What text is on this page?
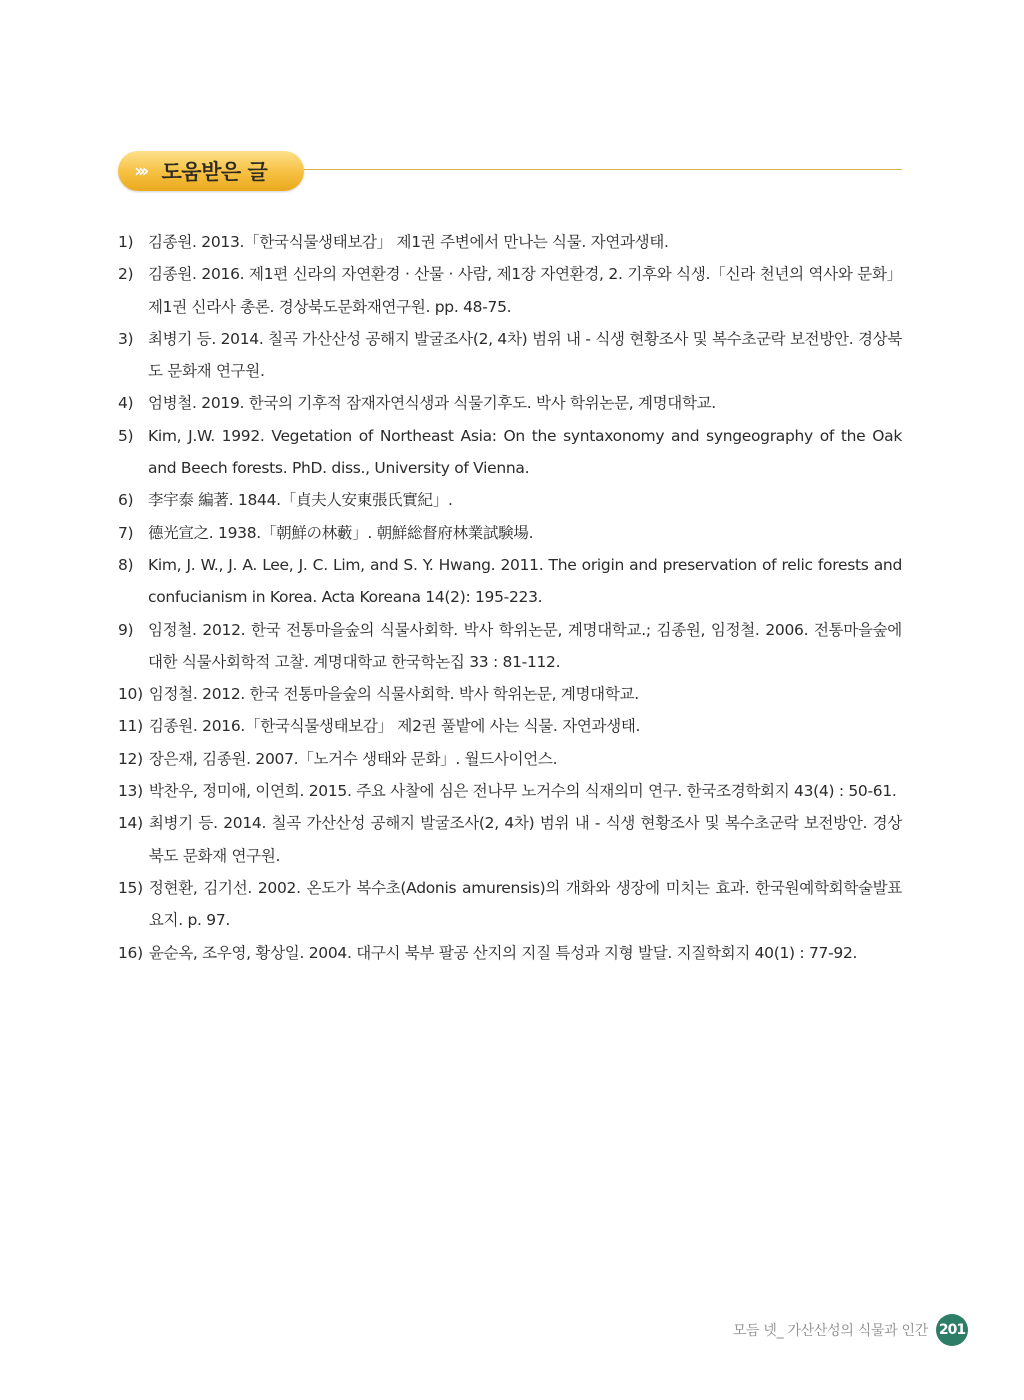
››› 도움받은 글
1) 김종원. 2013.「한국식물생태보감」 제1권 주변에서 만나는 식물. 자연과생태.
2) 김종원. 2016. 제1편 신라의 자연환경 · 산물 · 사람, 제1장 자연환경, 2. 기후와 식생.「신라 천년의 역사와 문화」 제1권 신라사 총론. 경상북도문화재연구원. pp. 48-75.
3) 최병기 등. 2014. 칠곡 가산산성 공해지 발굴조사(2, 4차) 범위 내 - 식생 현황조사 및 복수초군락 보전방안. 경상북도 문화재 연구원.
4) 엄병철. 2019. 한국의 기후적 잠재자연식생과 식물기후도. 박사 학위논문, 계명대학교.
5) Kim, J.W. 1992. Vegetation of Northeast Asia: On the syntaxonomy and syngeography of the Oak and Beech forests. PhD. diss., University of Vienna.
6) 李宇泰 編著. 1844.「貞夫人安東張氏實紀」.
7) 德光宣之. 1938.「朝鮮の林藪」. 朝鮮総督府林業試験場.
8) Kim, J. W., J. A. Lee, J. C. Lim, and S. Y. Hwang. 2011. The origin and preservation of relic forests and confucianism in Korea. Acta Koreana 14(2): 195-223.
9) 임정철. 2012. 한국 전통마을숲의 식물사회학. 박사 학위논문, 계명대학교.; 김종원, 임정철. 2006. 전통마을숲에 대한 식물사회학적 고찰. 계명대학교 한국학논집 33 : 81-112.
10) 임정철. 2012. 한국 전통마을숲의 식물사회학. 박사 학위논문, 계명대학교.
11) 김종원. 2016.「한국식물생태보감」 제2권 풀밭에 사는 식물. 자연과생태.
12) 장은재, 김종원. 2007.「노거수 생태와 문화」. 월드사이언스.
13) 박찬우, 정미애, 이연희. 2015. 주요 사찰에 심은 전나무 노거수의 식재의미 연구. 한국조경학회지 43(4) : 50-61.
14) 최병기 등. 2014. 칠곡 가산산성 공해지 발굴조사(2, 4차) 범위 내 - 식생 현황조사 및 복수초군락 보전방안. 경상북도 문화재 연구원.
15) 정현환, 김기선. 2002. 온도가 복수초(Adonis amurensis)의 개화와 생장에 미치는 효과. 한국원예학회학술발표요지. p. 97.
16) 윤순옥, 조우영, 황상일. 2004. 대구시 북부 팔공 산지의 지질 특성과 지형 발달. 지질학회지 40(1) : 77-92.
모듬 넷_ 가산산성의 식물과 인간 201
